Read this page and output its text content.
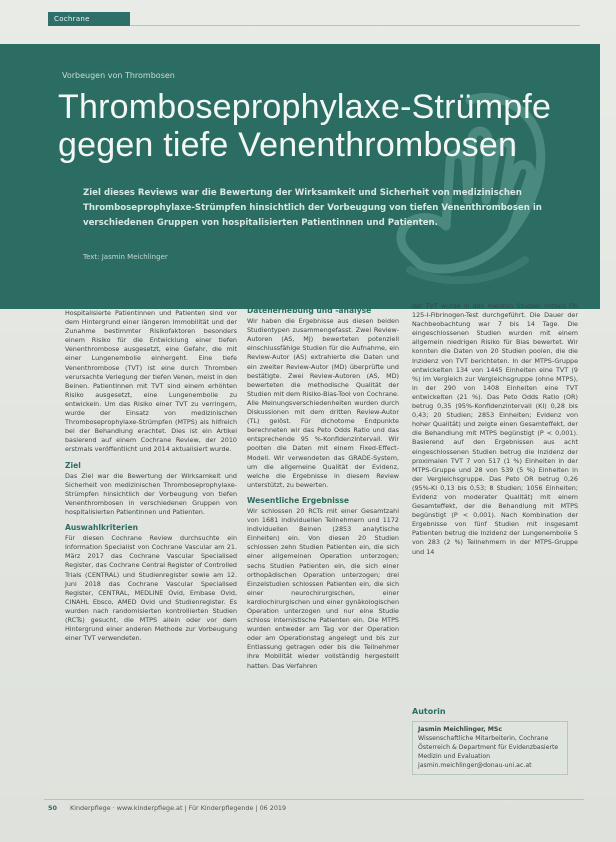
Cochrane
Vorbeugen von Thrombosen
Thromboseprophylaxe-Strümpfe
gegen tiefe Venenthrombosen
Ziel dieses Reviews war die Bewertung der Wirksamkeit und Sicherheit von medizinischen Thromboseprophylaxe-Strümpfen hinsichtlich der Vorbeugung von tiefen Venenthrombosen in verschiedenen Gruppen von hospitalisierten Patientinnen und Patienten.
Text: Jasmin Meichlinger

Hospitalisierte Patientinnen und Patienten sind vor dem Hintergrund einer längeren Immobilität und der Zunahme bestimmter Risikofaktoren besonders einem Risiko für die Entwicklung einer tiefen Venenthrombose ausgesetzt, eine Gefahr, die mit einer Lungenembolie einhergeht. Eine tiefe Venenthrombose (TVT) ist eine durch Thromben verursachte Verlegung der tiefen Venen, meist in den Beinen. Patientinnen mit TVT sind einem erhöhten Risiko ausgesetzt, eine Lungenembolie zu entwickeln. Um das Risiko einer TVT zu verringern, wurde der Einsatz von medizinischen Thromboseprophylaxe-Strümpfen (MTPS) als hilfreich bei der Behandlung erachtet. Dies ist ein Artikel basierend auf einem Cochrane Review, der 2010 erstmals veröffentlicht und 2014 aktualisiert wurde.

Ziel

Das Ziel war die Bewertung der Wirksamkeit und Sicherheit von medizinischen Thromboseprophylaxe-Strümpfen hinsichtlich der Vorbeugung von tiefen Venenthrombosen in verschiedenen Gruppen von hospitalisierten Patientinnen und Patienten.

Auswahlkriterien

Für diesen Cochrane Review durchsuchte ein Information Specialist von Cochrane Vascular am 21. März 2017 das Cochrane Vascular Specialised Register, das Cochrane Central Register of Controlled Trials (CENTRAL) und Studienregister sowie am 12. Juni 2018 das Cochrane Vascular Specialised Register, CENTRAL, MEDLINE Ovid, Embase Ovid, CINAHL Ebsco, AMED Ovid und Studienregister. Es wurden nach randomisierten kontrollierten Studien (RCTs) gesucht, die MTPS allein oder vor dem Hintergrund einer anderen Methode zur Vorbeugung einer TVT verwendeten.

Datenerhebung und -analyse

Wir haben die Ergebnisse aus diesen beiden Studientypen zusammengefasst. Zwei Review-Autoren (AS, MJ) bewerteten potenziell einschlussfähige Studien für die Aufnahme, ein Review-Autor (AS) extrahierte die Daten und ein zweiter Review-Autor (MD) überprüfte und bestätigte. Zwei Review-Autoren (AS, MD) bewerteten die methodische Qualität der Studien mit dem Risiko-Bias-Tool von Cochrane. Alle Meinungsverschiedenheiten wurden durch Diskussionen mit dem dritten Review-Autor (TL) gelöst. Für dichotome Endpunkte berechneten wir das Peto Odds Ratio und das entsprechende 95 %-Konfidenzintervall. Wir poolten die Daten mit einem Fixed-Effect-Modell. Wir verwendeten das GRADE-System, um die allgemeine Qualität der Evidenz, welche die Ergebnisse in diesem Review unterstützt, zu bewerten.

Wesentliche Ergebnisse

Wir schlossen 20 RCTs mit einer Gesamtzahl von 1681 individuellen Teilnehmern und 1172 individuellen Beinen (2853 analytische Einheiten) ein. Von diesen 20 Studien schlossen zehn Studien Patienten ein, die sich einer allgemeinen Operation unterzogen; sechs Studien Patienten ein, die sich einer orthopädischen Operation unterzogen; drei Einzelstudien schlossen Patienten ein, die sich einer neurochirurgischen, einer kardiochirurgischen und einer gynäkologischen Operation unterzogen und nur eine Studie schloss internistische Patienten ein. Die MTPS wurden entweder am Tag vor der Operation oder am Operationstag angelegt und bis zur Entlassung getragen oder bis die Teilnehmer ihre Mobilität wieder vollständig hergestellt hatten. Das Verfahren

der TVT wurde in den meisten Studien mittels Fib 125-I-Fibrinogen-Test durchgeführt. Die Dauer der Nachbeobachtung war 7 bis 14 Tage. Die eingeschlossenen Studien wurden mit einem allgemein niedrigen Risiko für Bias bewertet. Wir konnten die Daten von 20 Studien poolen, die die Inzidenz von TVT berichteten. In der MTPS-Gruppe entwickelten 134 von 1445 Einheiten eine TVT (9 %) im Vergleich zur Vergleichsgruppe (ohne MTPS), in der 290 von 1408 Einheiten eine TVT entwickelten (21 %). Das Peto Odds Ratio (OR) betrug 0,35 (95%-Konfidenzintervall (KI) 0,28 bis 0,43; 20 Studien; 2853 Einheiten; Evidenz von hoher Qualität) und zeigte einen Gesamteffekt, der die Behandlung mit MTPS begünstigt (P < 0,001). Basierend auf den Ergebnissen aus acht eingeschlossenen Studien betrug die Inzidenz der proximalen TVT 7 von 517 (1 %) Einheiten in der MTPS-Gruppe und 28 von 539 (5 %) Einheiten in der Vergleichsgruppe. Das Peto OR betrug 0,26 (95%-KI 0,13 bis 0,53; 8 Studien; 1056 Einheiten; Evidenz von moderater Qualität) mit einem Gesamteffekt, der die Behandlung mit MTPS begünstigt (P < 0,001). Nach Kombination der Ergebnisse von fünf Studien mit insgesamt Patienten betrug die Inzidenz der Lungenembolie 5 von 283 (2 %) Teilnehmern in der MTPS-Gruppe und 14

Autorin
Jasmin Meichlinger, MSc
Wissenschaftliche Mitarbeiterin, Cochrane
Österreich & Department für Evidenzbasierte
Medizin und Evaluation
jasmin.meichlinger@donau-uni.ac.at
50 Kinderpflege · www.kinderpflege.at | Für Kinderpflegende | 06 2019
